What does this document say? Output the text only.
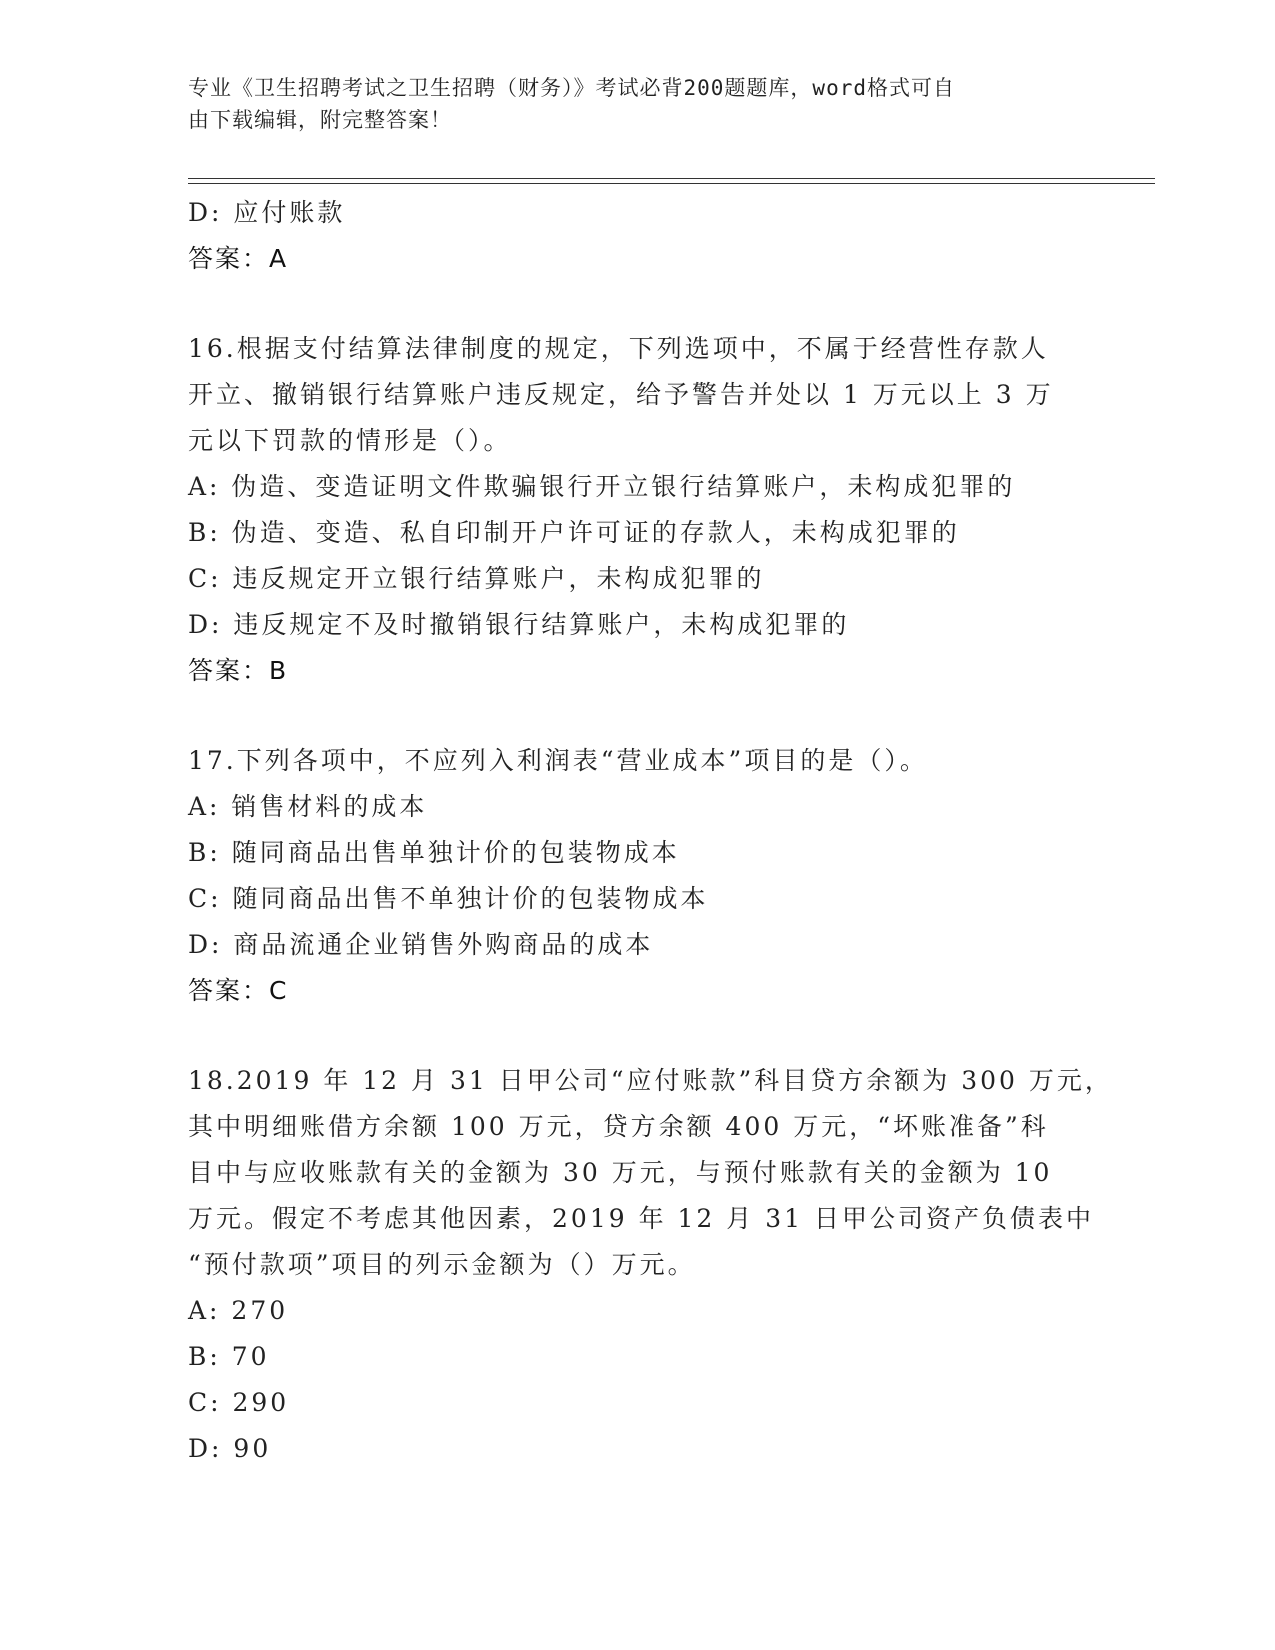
专业《卫生招聘考试之卫生招聘（财务）》考试必背200题题库，word格式可自
由下载编辑，附完整答案！
D: 应付账款
答案：A
16.根据支付结算法律制度的规定，下列选项中，不属于经营性存款人
开立、撤销银行结算账户违反规定，给予警告并处以 1 万元以上 3 万
元以下罚款的情形是（）。
A: 伪造、变造证明文件欺骗银行开立银行结算账户，未构成犯罪的
B: 伪造、变造、私自印制开户许可证的存款人，未构成犯罪的
C: 违反规定开立银行结算账户，未构成犯罪的
D: 违反规定不及时撤销银行结算账户，未构成犯罪的
答案：B
17.下列各项中，不应列入利润表“营业成本”项目的是（）。
A: 销售材料的成本
B: 随同商品出售单独计价的包装物成本
C: 随同商品出售不单独计价的包装物成本
D: 商品流通企业销售外购商品的成本
答案：C
18.2019 年 12 月 31 日甲公司“应付账款”科目贷方余额为 300 万元，
其中明细账借方余额 100 万元，贷方余额 400 万元，“坏账准备”科
目中与应收账款有关的金额为 30 万元，与预付账款有关的金额为 10
万元。假定不考虑其他因素，2019 年 12 月 31 日甲公司资产负债表中
“预付款项”项目的列示金额为（）万元。
A: 270
B: 70
C: 290
D: 90
